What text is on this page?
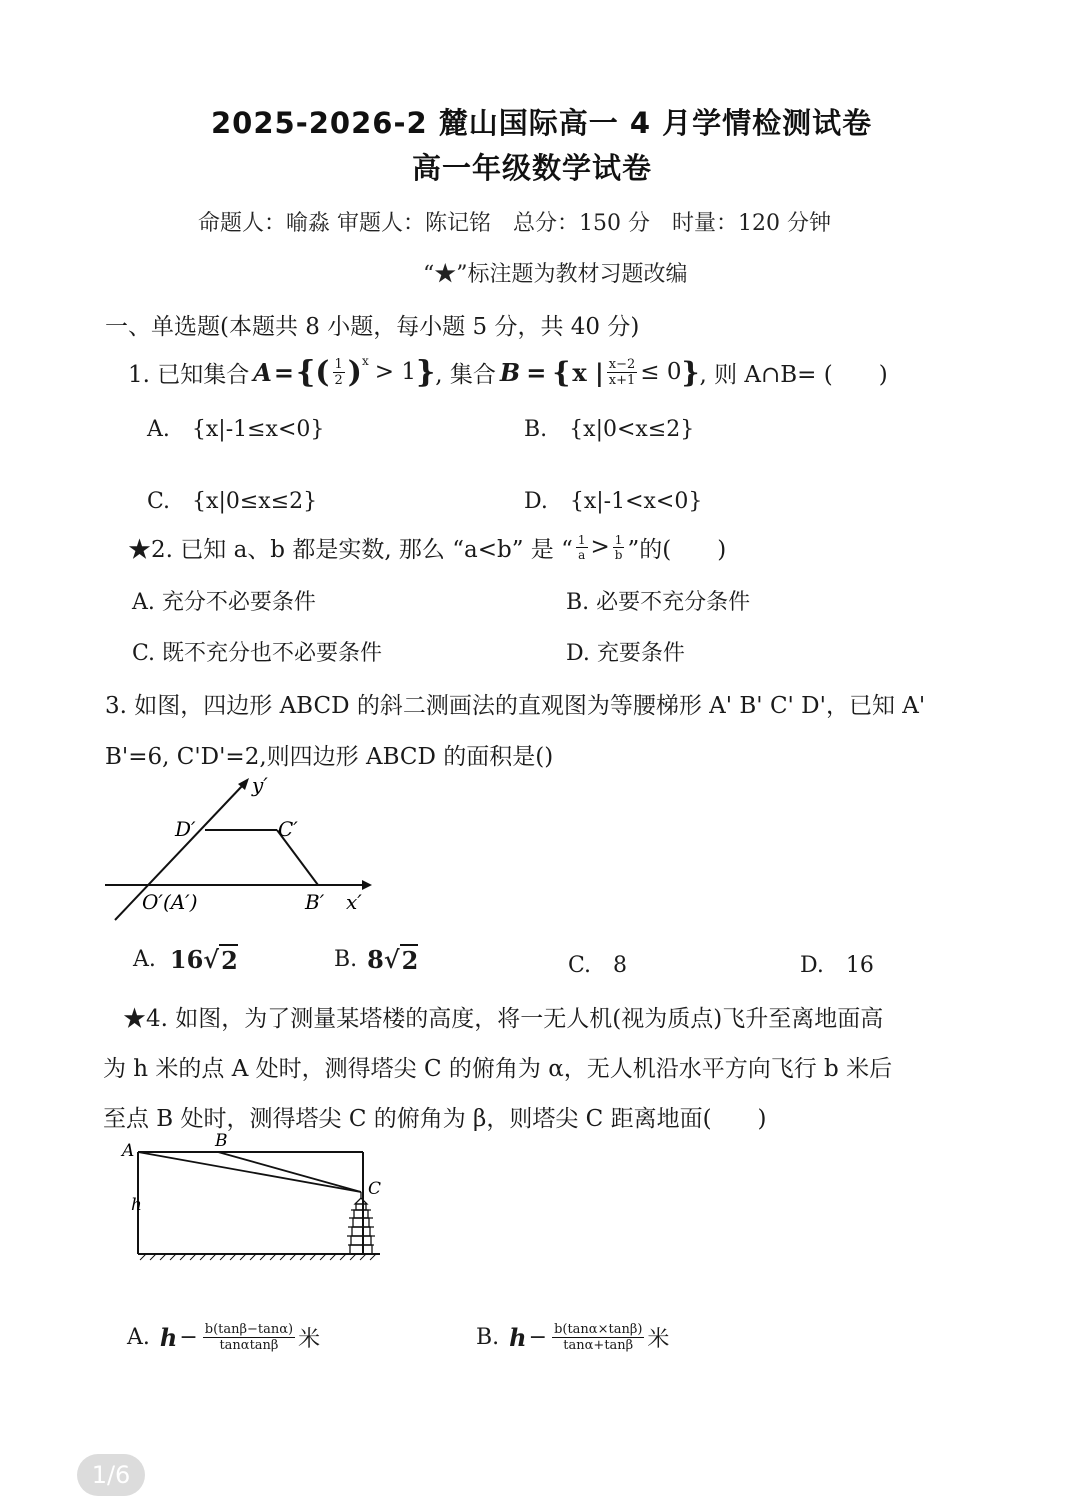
2025-2026-2 麓山国际高一 4 月学情检测试卷
高一年级数学试卷
命题人：喻淼 审题人：陈记铭　总分：150 分　时量：120 分钟
“★”标注题为教材习题改编
一、单选题(本题共 8 小题，每小题 5 分，共 40 分)
1. 已知集合 A = {( $\frac{1}{2}$ ) x > 1 } , 集合 B = { x | $\frac{x-2}{x+1} \le 0$ } , 则 A∩B= (　　)
A.　{x|-1≤x<0}	B.　{x|0<x≤2}
C.　{x|0≤x≤2}	D.　{x|-1<x<0}
★2. 已知 a、b 都是实数, 那么 “a<b” 是 “ $\frac{1}{a} > \frac{1}{b}$ ”的(　　)
A. 充分不必要条件	B. 必要不充分条件
C. 既不充分也不必要条件	D. 充要条件
3. 如图，四边形 ABCD 的斜二测画法的直观图为等腰梯形 A' B' C' D'，已知 A'
B'=6, C'D'=2,则四边形 ABCD 的面积是()
y′
D′	C′
O′(A′)	B′ x′
A. 16 √ 2	B. 8 √ 2	C.　8	D.　16
★4. 如图，为了测量某塔楼的高度，将一无人机(视为质点)飞升至离地面高
为 h 米的点 A 处时，测得塔尖 C 的俯角为 α，无人机沿水平方向飞行 b 米后
至点 B 处时，测得塔尖 C 的俯角为 β，则塔尖 C 距离地面(　　)
A	B
C
h
A. $h - \frac{b(\tan\beta-\tan\alpha)}{\tan\alpha\tan\beta}$ 米	B. $h - \frac{b(\tan\alpha\times\tan\beta)}{\tan\alpha+\tan\beta}$ 米
1/6
